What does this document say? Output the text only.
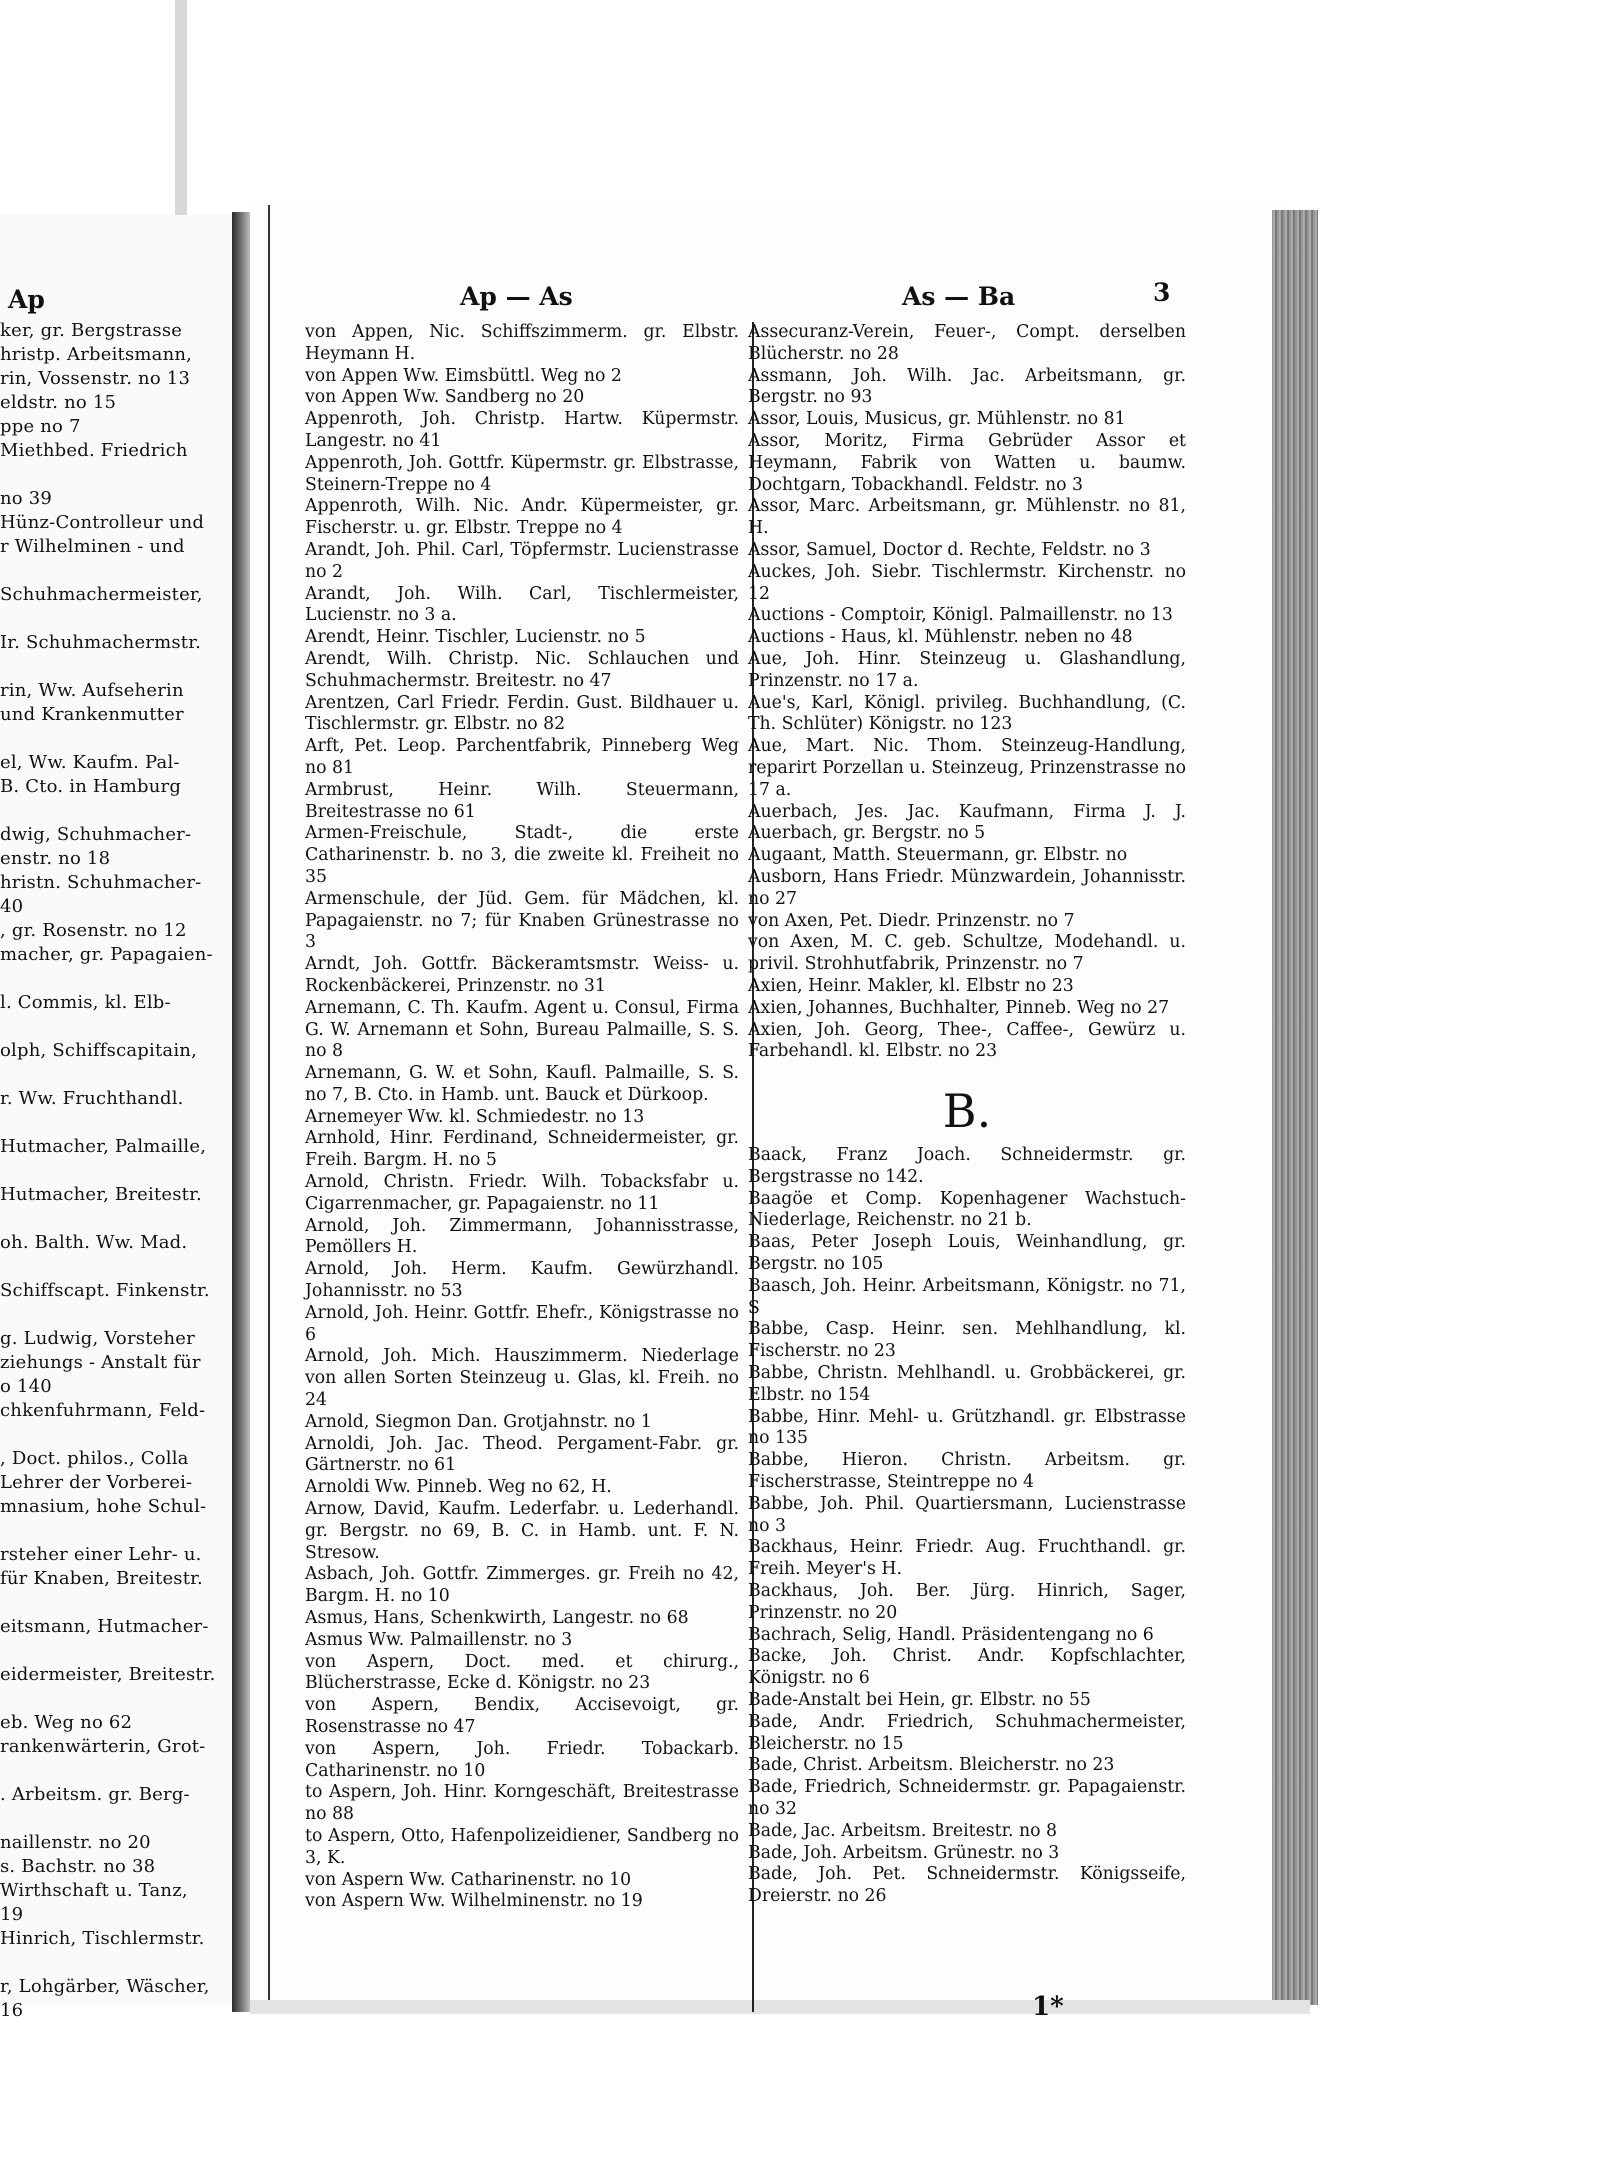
Ap
ker, gr. Bergstrasse
hristp. Arbeitsmann,
rin, Vossenstr. no 13
eldstr. no 15
ppe no 7
Miethbed. Friedrich
no 39
Hünz-Controlleur und
r Wilhelminen - und
Schuhmachermeister,
Ir. Schuhmachermstr.
rin, Ww. Aufseherin
und Krankenmutter
el, Ww. Kaufm. Pal-
B. Cto. in Hamburg
dwig, Schuhmacher-
enstr. no 18
hristn. Schuhmacher-
40
, gr. Rosenstr. no 12
macher, gr. Papagaien-
l. Commis, kl. Elb-
olph, Schiffscapitain,
r. Ww. Fruchthandl.
Hutmacher, Palmaille,
Hutmacher, Breitestr.
oh. Balth. Ww. Mad.
Schiffscapt. Finkenstr.
g. Ludwig, Vorsteher
ziehungs - Anstalt für
o 140
chkenfuhrmann, Feld-
, Doct. philos., Colla
Lehrer der Vorberei-
mnasium, hohe Schul-
rsteher einer Lehr- u.
für Knaben, Breitestr.
eitsmann, Hutmacher-
eidermeister, Breitestr.
eb. Weg no 62
rankenwärterin, Grot-
. Arbeitsm. gr. Berg-
naillenstr. no 20
s. Bachstr. no 38
Wirthschaft u. Tanz,
19
Hinrich, Tischlermstr.
r, Lohgärber, Wäscher,
16
Ap — As	As — Ba	3
von Appen, Nic. Schiffszimmerm. gr. Elbstr. Heymann H.
von Appen Ww. Eimsbüttl. Weg no 2
von Appen Ww. Sandberg no 20
Appenroth, Joh. Christp. Hartw. Küpermstr. Langestr. no 41
Appenroth, Joh. Gottfr. Küpermstr. gr. Elbstrasse, Steinern-Treppe no 4
Appenroth, Wilh. Nic. Andr. Küpermeister, gr. Fischerstr. u. gr. Elbstr. Treppe no 4
Arandt, Joh. Phil. Carl, Töpfermstr. Lucienstrasse no 2
Arandt, Joh. Wilh. Carl, Tischlermeister, Lucienstr. no 3 a.
Arendt, Heinr. Tischler, Lucienstr. no 5
Arendt, Wilh. Christp. Nic. Schlauchen und Schuhmachermstr. Breitestr. no 47
Arentzen, Carl Friedr. Ferdin. Gust. Bildhauer u. Tischlermstr. gr. Elbstr. no 82
Arft, Pet. Leop. Parchentfabrik, Pinneberg Weg no 81
Armbrust, Heinr. Wilh. Steuermann, Breitestrasse no 61
Armen-Freischule, Stadt-, die erste Catharinenstr. b. no 3, die zweite kl. Freiheit no 35
Armenschule, der Jüd. Gem. für Mädchen, kl. Papagaienstr. no 7; für Knaben Grünestrasse no 3
Arndt, Joh. Gottfr. Bäckeramtsmstr. Weiss- u. Rockenbäckerei, Prinzenstr. no 31
Arnemann, C. Th. Kaufm. Agent u. Consul, Firma G. W. Arnemann et Sohn, Bureau Palmaille, S. S. no 8
Arnemann, G. W. et Sohn, Kaufl. Palmaille, S. S. no 7, B. Cto. in Hamb. unt. Bauck et Dürkoop.
Arnemeyer Ww. kl. Schmiedestr. no 13
Arnhold, Hinr. Ferdinand, Schneidermeister, gr. Freih. Bargm. H. no 5
Arnold, Christn. Friedr. Wilh. Tobacksfabr u. Cigarrenmacher, gr. Papagaienstr. no 11
Arnold, Joh. Zimmermann, Johannisstrasse, Pemöllers H.
Arnold, Joh. Herm. Kaufm. Gewürzhandl. Johannisstr. no 53
Arnold, Joh. Heinr. Gottfr. Ehefr., Königstrasse no 6
Arnold, Joh. Mich. Hauszimmerm. Niederlage von allen Sorten Steinzeug u. Glas, kl. Freih. no 24
Arnold, Siegmon Dan. Grotjahnstr. no 1
Arnoldi, Joh. Jac. Theod. Pergament-Fabr. gr. Gärtnerstr. no 61
Arnoldi Ww. Pinneb. Weg no 62, H.
Arnow, David, Kaufm. Lederfabr. u. Lederhandl. gr. Bergstr. no 69, B. C. in Hamb. unt. F. N. Stresow.
Asbach, Joh. Gottfr. Zimmerges. gr. Freih no 42, Bargm. H. no 10
Asmus, Hans, Schenkwirth, Langestr. no 68
Asmus Ww. Palmaillenstr. no 3
von Aspern, Doct. med. et chirurg., Blücherstrasse, Ecke d. Königstr. no 23
von Aspern, Bendix, Accisevoigt, gr. Rosenstrasse no 47
von Aspern, Joh. Friedr. Tobackarb. Catharinenstr. no 10
to Aspern, Joh. Hinr. Korngeschäft, Breitestrasse no 88
to Aspern, Otto, Hafenpolizeidiener, Sandberg no 3, K.
von Aspern Ww. Catharinenstr. no 10
von Aspern Ww. Wilhelminenstr. no 19
Assecuranz-Verein, Feuer-, Compt. derselben Blücherstr. no 28
Assmann, Joh. Wilh. Jac. Arbeitsmann, gr. Bergstr. no 93
Assor, Louis, Musicus, gr. Mühlenstr. no 81
Assor, Moritz, Firma Gebrüder Assor et Heymann, Fabrik von Watten u. baumw. Dochtgarn, Tobackhandl. Feldstr. no 3
Assor, Marc. Arbeitsmann, gr. Mühlenstr. no 81, H.
Assor, Samuel, Doctor d. Rechte, Feldstr. no 3
Auckes, Joh. Siebr. Tischlermstr. Kirchenstr. no 12
Auctions - Comptoir, Königl. Palmaillenstr. no 13
Auctions - Haus, kl. Mühlenstr. neben no 48
Aue, Joh. Hinr. Steinzeug u. Glashandlung, Prinzenstr. no 17 a.
Aue's, Karl, Königl. privileg. Buchhandlung, (C. Th. Schlüter) Königstr. no 123
Aue, Mart. Nic. Thom. Steinzeug-Handlung, reparirt Porzellan u. Steinzeug, Prinzenstrasse no 17 a.
Auerbach, Jes. Jac. Kaufmann, Firma J. J. Auerbach, gr. Bergstr. no 5
Augaant, Matth. Steuermann, gr. Elbstr. no
Ausborn, Hans Friedr. Münzwardein, Johannisstr. no 27
von Axen, Pet. Diedr. Prinzenstr. no 7
von Axen, M. C. geb. Schultze, Modehandl. u. privil. Strohhutfabrik, Prinzenstr. no 7
Axien, Heinr. Makler, kl. Elbstr no 23
Axien, Johannes, Buchhalter, Pinneb. Weg no 27
Axien, Joh. Georg, Thee-, Caffee-, Gewürz u. Farbehandl. kl. Elbstr. no 23
B.
Baack, Franz Joach. Schneidermstr. gr. Bergstrasse no 142.
Baagöe et Comp. Kopenhagener Wachstuch-Niederlage, Reichenstr. no 21 b.
Baas, Peter Joseph Louis, Weinhandlung, gr. Bergstr. no 105
Baasch, Joh. Heinr. Arbeitsmann, Königstr. no 71, S
Babbe, Casp. Heinr. sen. Mehlhandlung, kl. Fischerstr. no 23
Babbe, Christn. Mehlhandl. u. Grobbäckerei, gr. Elbstr. no 154
Babbe, Hinr. Mehl- u. Grützhandl. gr. Elbstrasse no 135
Babbe, Hieron. Christn. Arbeitsm. gr. Fischerstrasse, Steintreppe no 4
Babbe, Joh. Phil. Quartiersmann, Lucienstrasse no 3
Backhaus, Heinr. Friedr. Aug. Fruchthandl. gr. Freih. Meyer's H.
Backhaus, Joh. Ber. Jürg. Hinrich, Sager, Prinzenstr. no 20
Bachrach, Selig, Handl. Präsidentengang no 6
Backe, Joh. Christ. Andr. Kopfschlachter, Königstr. no 6
Bade-Anstalt bei Hein, gr. Elbstr. no 55
Bade, Andr. Friedrich, Schuhmachermeister, Bleicherstr. no 15
Bade, Christ. Arbeitsm. Bleicherstr. no 23
Bade, Friedrich, Schneidermstr. gr. Papagaienstr. no 32
Bade, Jac. Arbeitsm. Breitestr. no 8
Bade, Joh. Arbeitsm. Grünestr. no 3
Bade, Joh. Pet. Schneidermstr. Königsseife, Dreierstr. no 26
1*
